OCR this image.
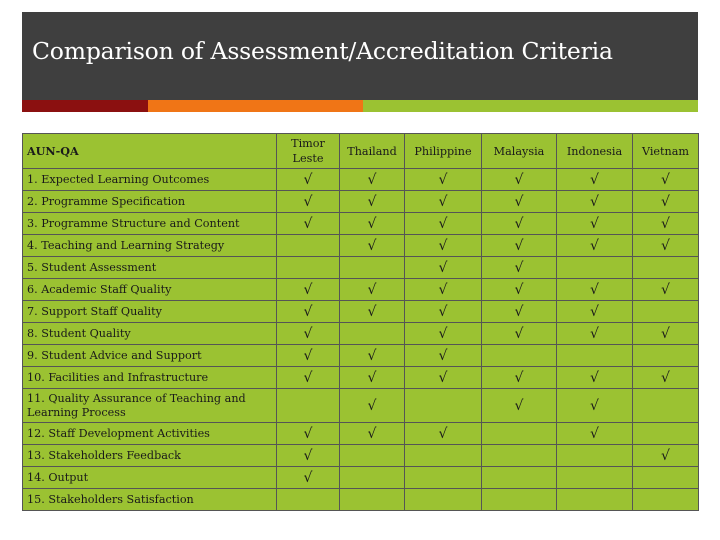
Comparison of Assessment/Accreditation Criteria
AUN-QA	Timor Leste	Thailand	Philippine	Malaysia	Indonesia	Vietnam
1. Expected Learning Outcomes	√	√	√	√	√	√
2. Programme Specification	√	√	√	√	√	√
3. Programme Structure and Content	√	√	√	√	√	√
4. Teaching and Learning Strategy		√	√	√	√	√
5. Student Assessment			√	√		
6. Academic Staff Quality	√	√	√	√	√	√
7. Support Staff Quality	√	√	√	√	√	
8. Student Quality	√		√	√	√	√
9. Student Advice and Support	√	√	√			
10. Facilities and Infrastructure	√	√	√	√	√	√
11. Quality Assurance of Teaching and Learning Process		√		√	√	
12. Staff Development Activities	√	√	√		√	
13. Stakeholders Feedback	√					√
14. Output	√					
15. Stakeholders Satisfaction						
